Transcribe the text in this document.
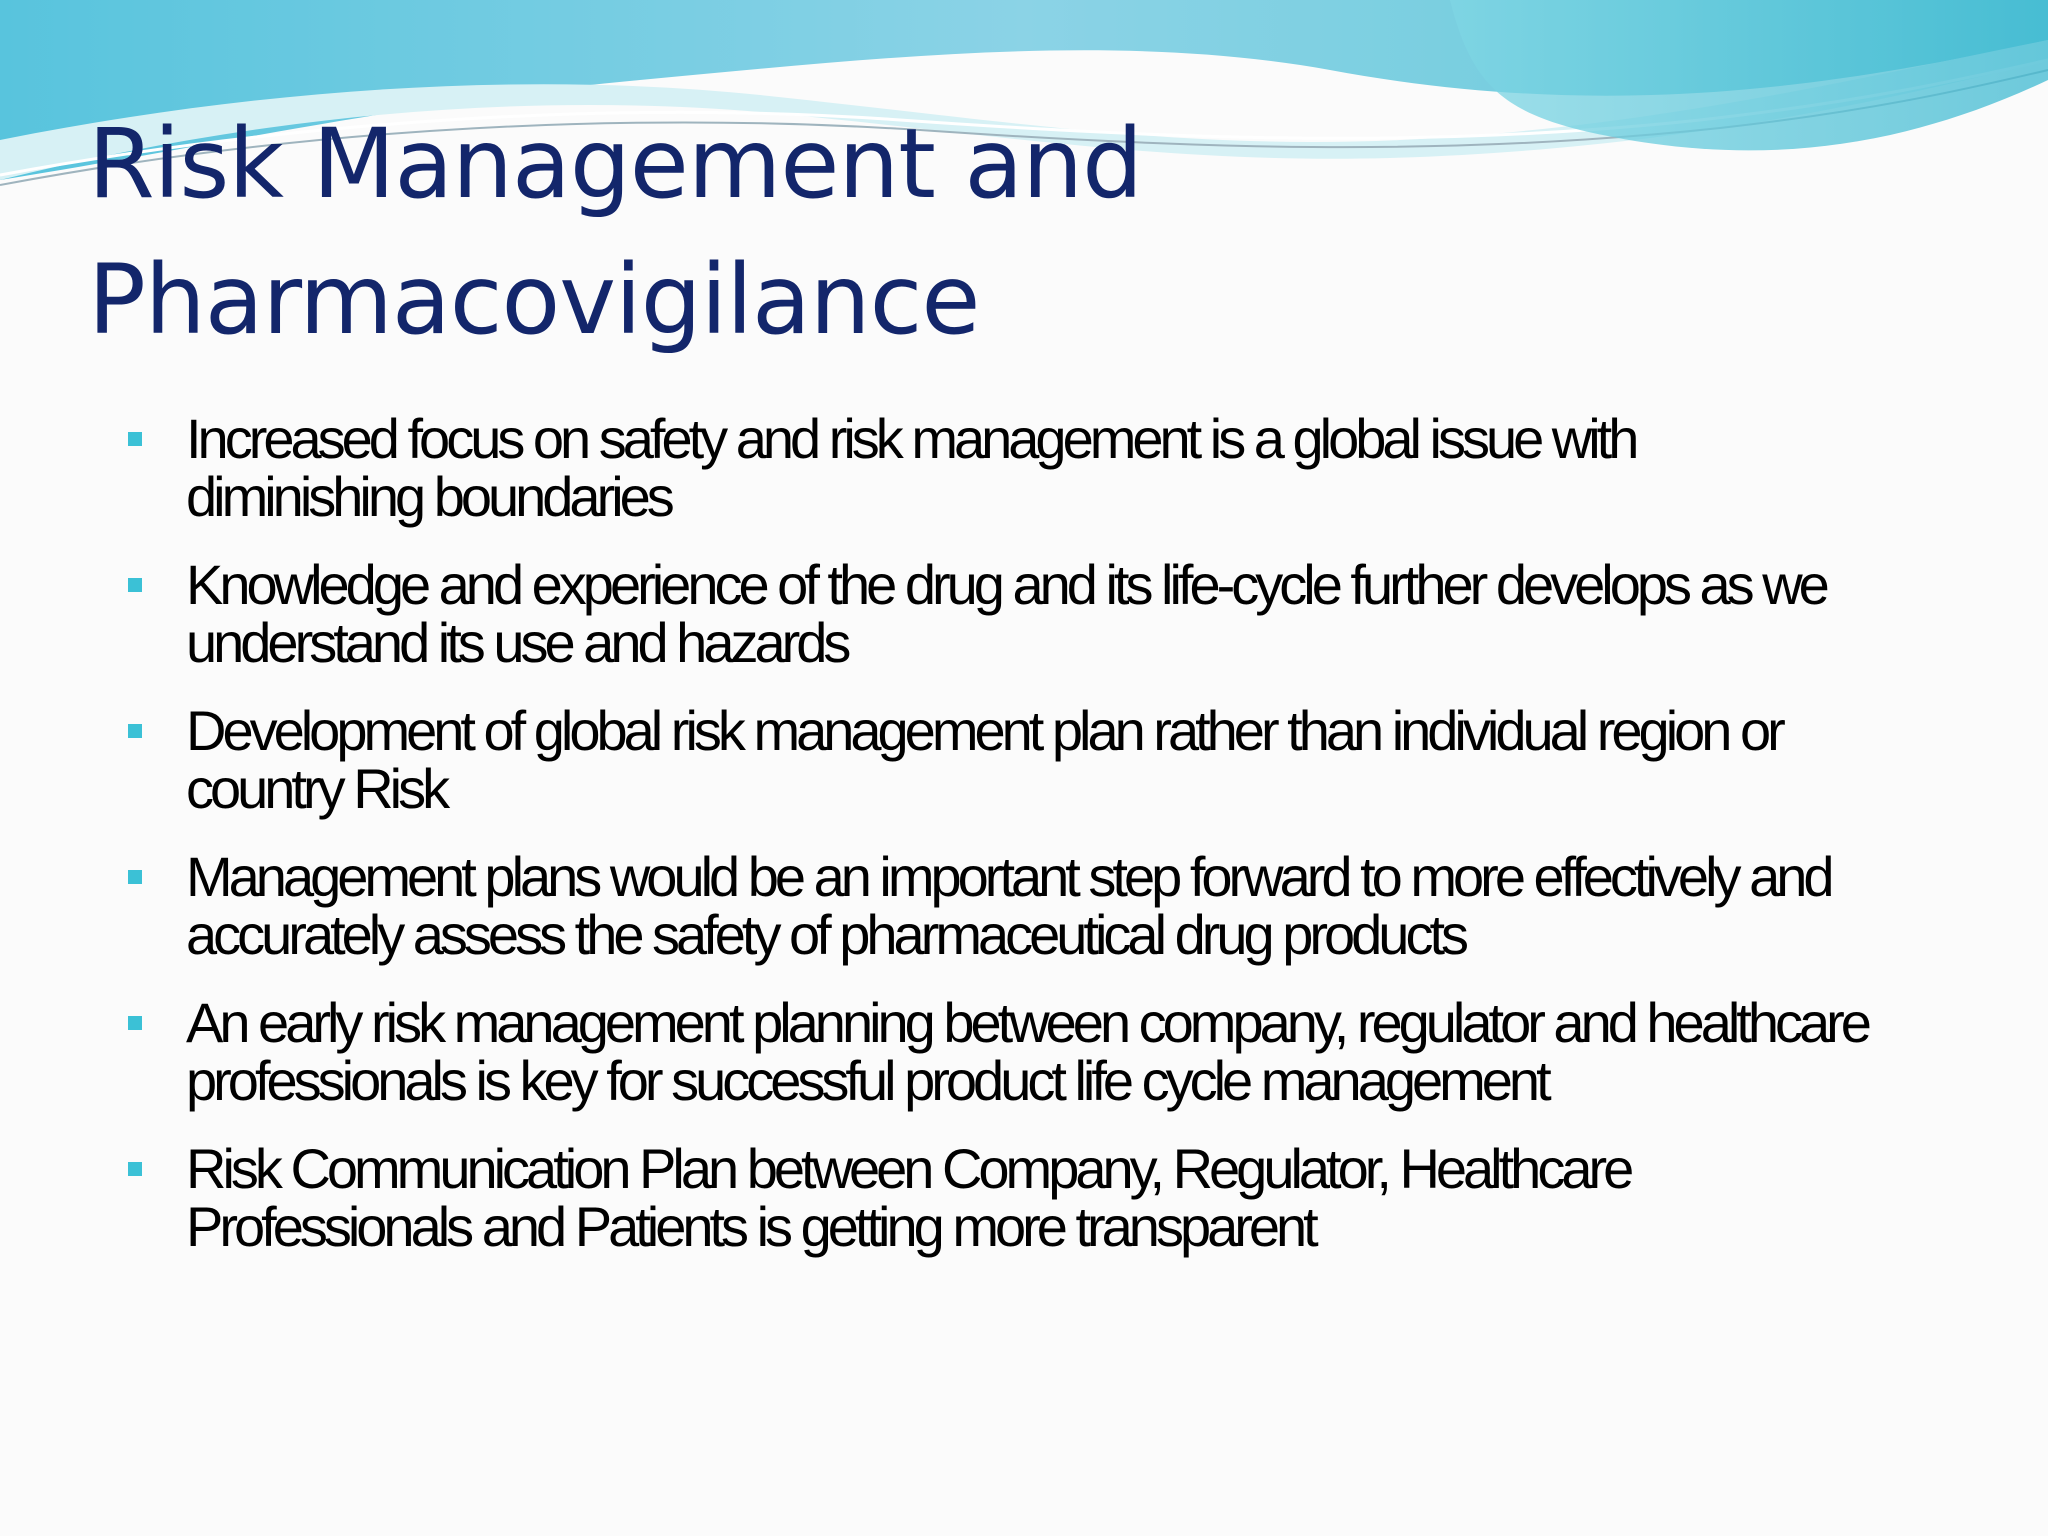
Risk Management and Pharmacovigilance
Increased focus on safety and risk management is a global issue with diminishing boundaries
Knowledge and experience of the drug and its life-cycle further develops as we understand its use and hazards
Development of global risk management plan rather than individual region or country Risk
Management plans would be an important step forward to more effectively and accurately assess the safety of pharmaceutical drug products
An early risk management planning between company, regulator and healthcare professionals is key for successful product life cycle management
Risk Communication Plan between Company, Regulator, Healthcare Professionals and Patients is getting more transparent
